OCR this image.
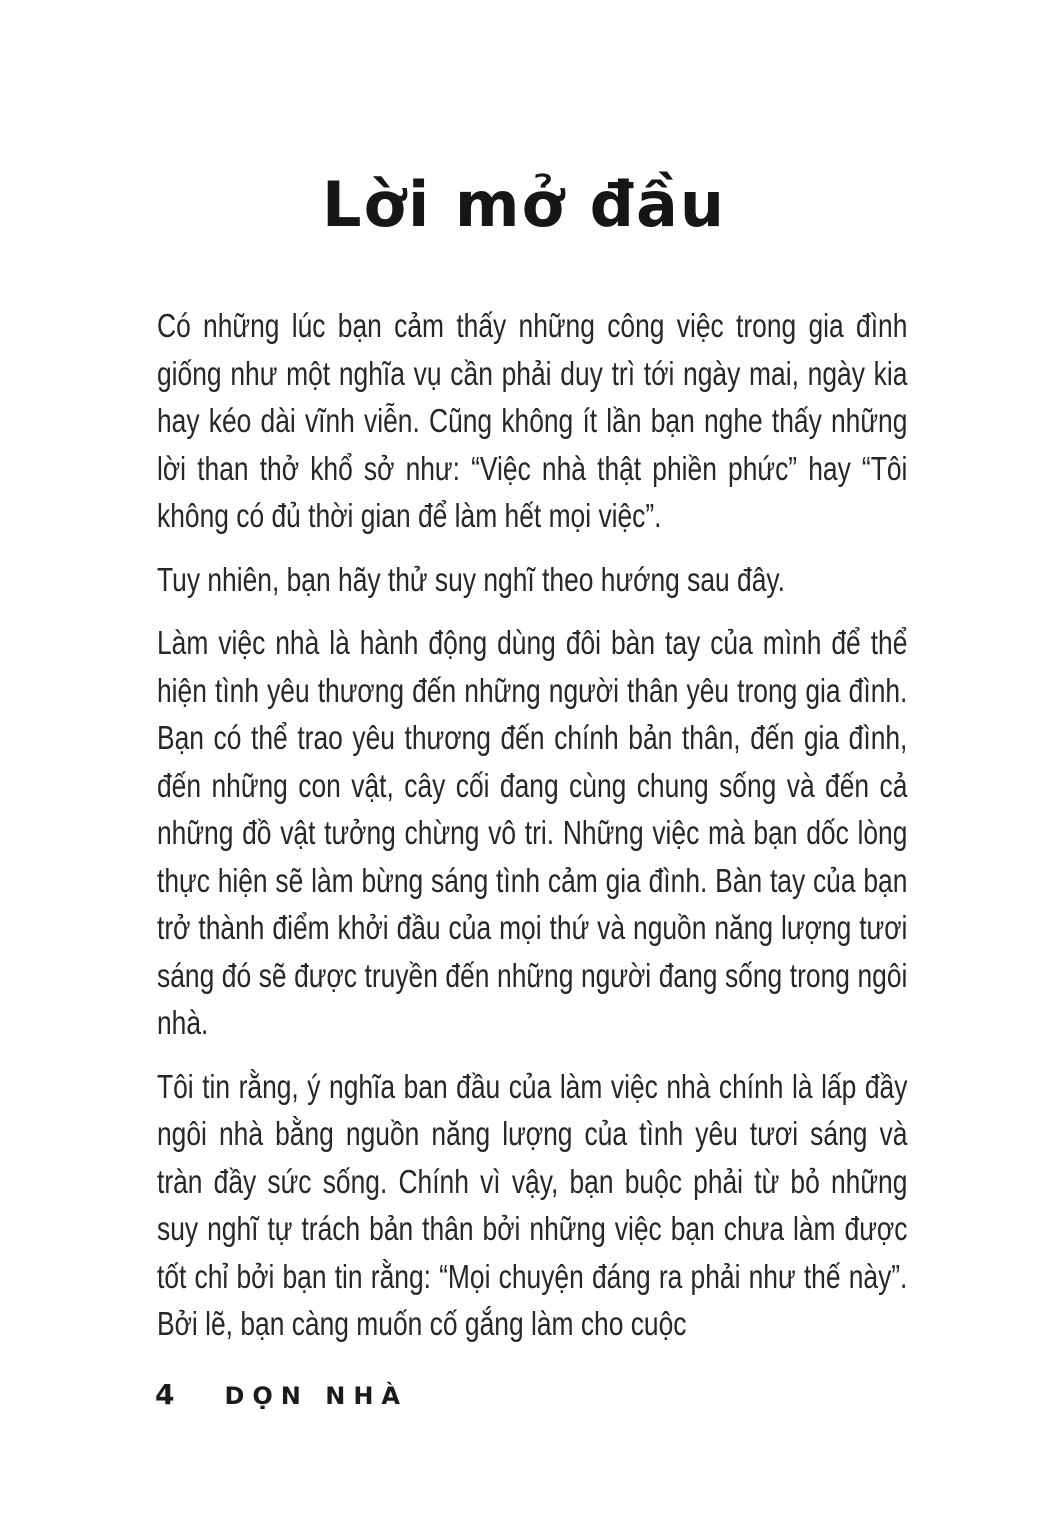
Lời mở đầu

Có những lúc bạn cảm thấy những công việc trong gia đình giống như một nghĩa vụ cần phải duy trì tới ngày mai, ngày kia hay kéo dài vĩnh viễn. Cũng không ít lần bạn nghe thấy những lời than thở khổ sở như: “Việc nhà thật phiền phức” hay “Tôi không có đủ thời gian để làm hết mọi việc”.

Tuy nhiên, bạn hãy thử suy nghĩ theo hướng sau đây.

Làm việc nhà là hành động dùng đôi bàn tay của mình để thể hiện tình yêu thương đến những người thân yêu trong gia đình. Bạn có thể trao yêu thương đến chính bản thân, đến gia đình, đến những con vật, cây cối đang cùng chung sống và đến cả những đồ vật tưởng chừng vô tri. Những việc mà bạn dốc lòng thực hiện sẽ làm bừng sáng tình cảm gia đình. Bàn tay của bạn trở thành điểm khởi đầu của mọi thứ và nguồn năng lượng tươi sáng đó sẽ được truyền đến những người đang sống trong ngôi nhà.

Tôi tin rằng, ý nghĩa ban đầu của làm việc nhà chính là lấp đầy ngôi nhà bằng nguồn năng lượng của tình yêu tươi sáng và tràn đầy sức sống. Chính vì vậy, bạn buộc phải từ bỏ những suy nghĩ tự trách bản thân bởi những việc bạn chưa làm được tốt chỉ bởi bạn tin rằng: “Mọi chuyện đáng ra phải như thế này”. Bởi lẽ, bạn càng muốn cố gắng làm cho cuộc

4 DỌN NHÀ
